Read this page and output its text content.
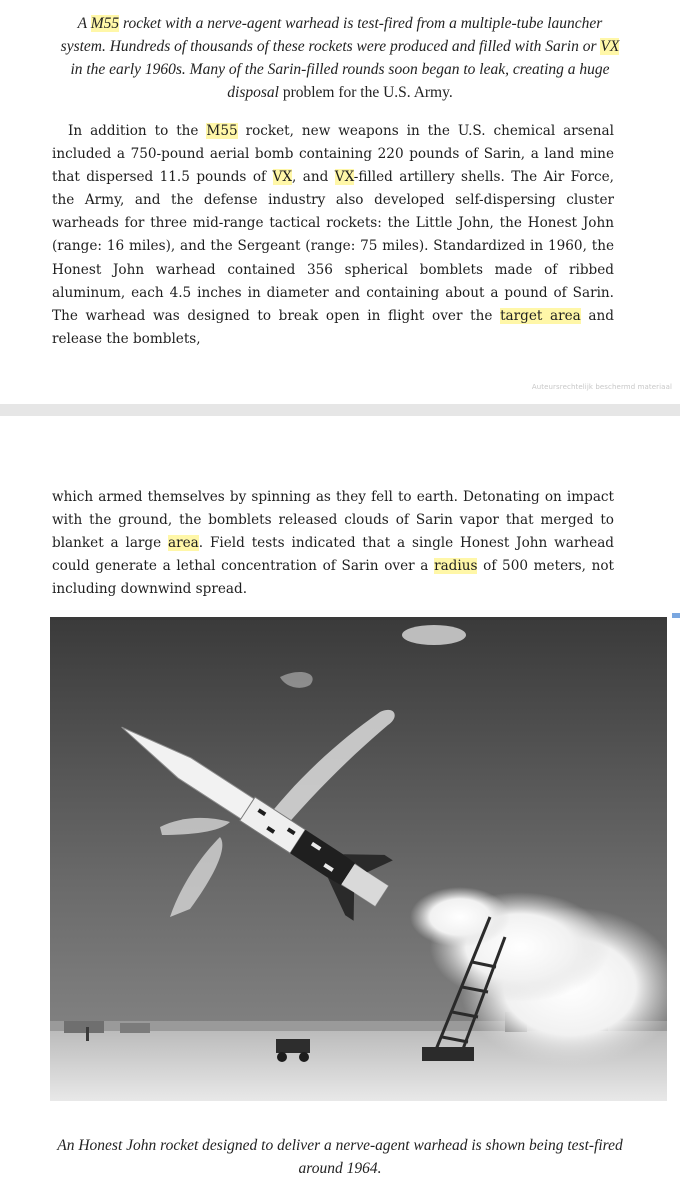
A M55 rocket with a nerve-agent warhead is test-fired from a multiple-tube launcher
system. Hundreds of thousands of these rockets were produced and filled with Sarin or VX
in the early 1960s. Many of the Sarin-filled rounds soon began to leak, creating a huge
disposal problem for the U.S. Army.
In addition to the M55 rocket, new weapons in the U.S. chemical arsenal included a 750-pound aerial bomb containing 220 pounds of Sarin, a land mine that dispersed 11.5 pounds of VX, and VX-filled artillery shells. The Air Force, the Army, and the defense industry also developed self-dispersing cluster warheads for three mid-range tactical rockets: the Little John, the Honest John (range: 16 miles), and the Sergeant (range: 75 miles). Standardized in 1960, the Honest John warhead contained 356 spherical bomblets made of ribbed aluminum, each 4.5 inches in diameter and containing about a pound of Sarin. The warhead was designed to break open in flight over the target area and release the bomblets,
Auteursrechtelijk beschermd materiaal
which armed themselves by spinning as they fell to earth. Detonating on impact with the ground, the bomblets released clouds of Sarin vapor that merged to blanket a large area. Field tests indicated that a single Honest John warhead could generate a lethal concentration of Sarin over a radius of 500 meters, not including downwind spread.
An Honest John rocket designed to deliver a nerve-agent warhead is shown being test-fired
around 1964.
